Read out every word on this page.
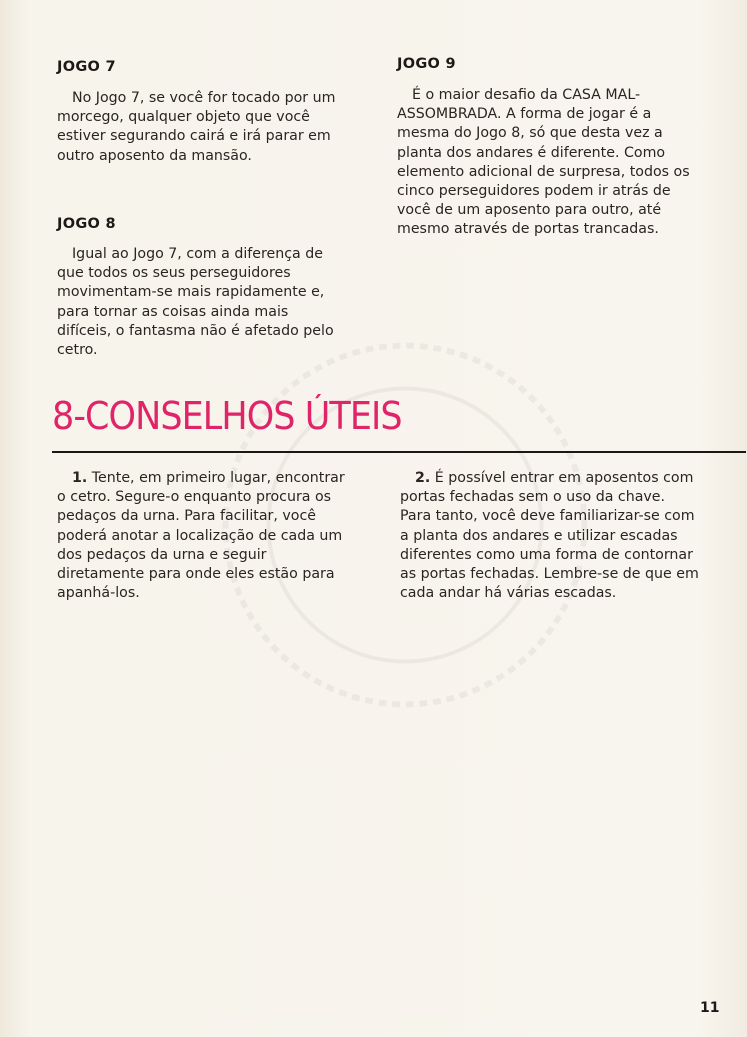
JOGO 7

No Jogo 7, se você for tocado por um morcego, qualquer objeto que você estiver segurando cairá e irá parar em outro aposento da mansão.

JOGO 8

Igual ao Jogo 7, com a diferença de que todos os seus perseguidores movimentam-se mais rapidamente e, para tornar as coisas ainda mais difíceis, o fantasma não é afetado pelo cetro.

JOGO 9

É o maior desafio da CASA MAL-ASSOMBRADA. A forma de jogar é a mesma do Jogo 8, só que desta vez a planta dos andares é diferente. Como elemento adicional de surpresa, todos os cinco perseguidores podem ir atrás de você de um aposento para outro, até mesmo através de portas trancadas.

8-CONSELHOS ÚTEIS

1. Tente, em primeiro lugar, encontrar o cetro. Segure-o enquanto procura os pedaços da urna. Para facilitar, você poderá anotar a localização de cada um dos pedaços da urna e seguir diretamente para onde eles estão para apanhá-los.

2. É possível entrar em aposentos com portas fechadas sem o uso da chave. Para tanto, você deve familiarizar-se com a planta dos andares e utilizar escadas diferentes como uma forma de contornar as portas fechadas. Lembre-se de que em cada andar há várias escadas.

11
